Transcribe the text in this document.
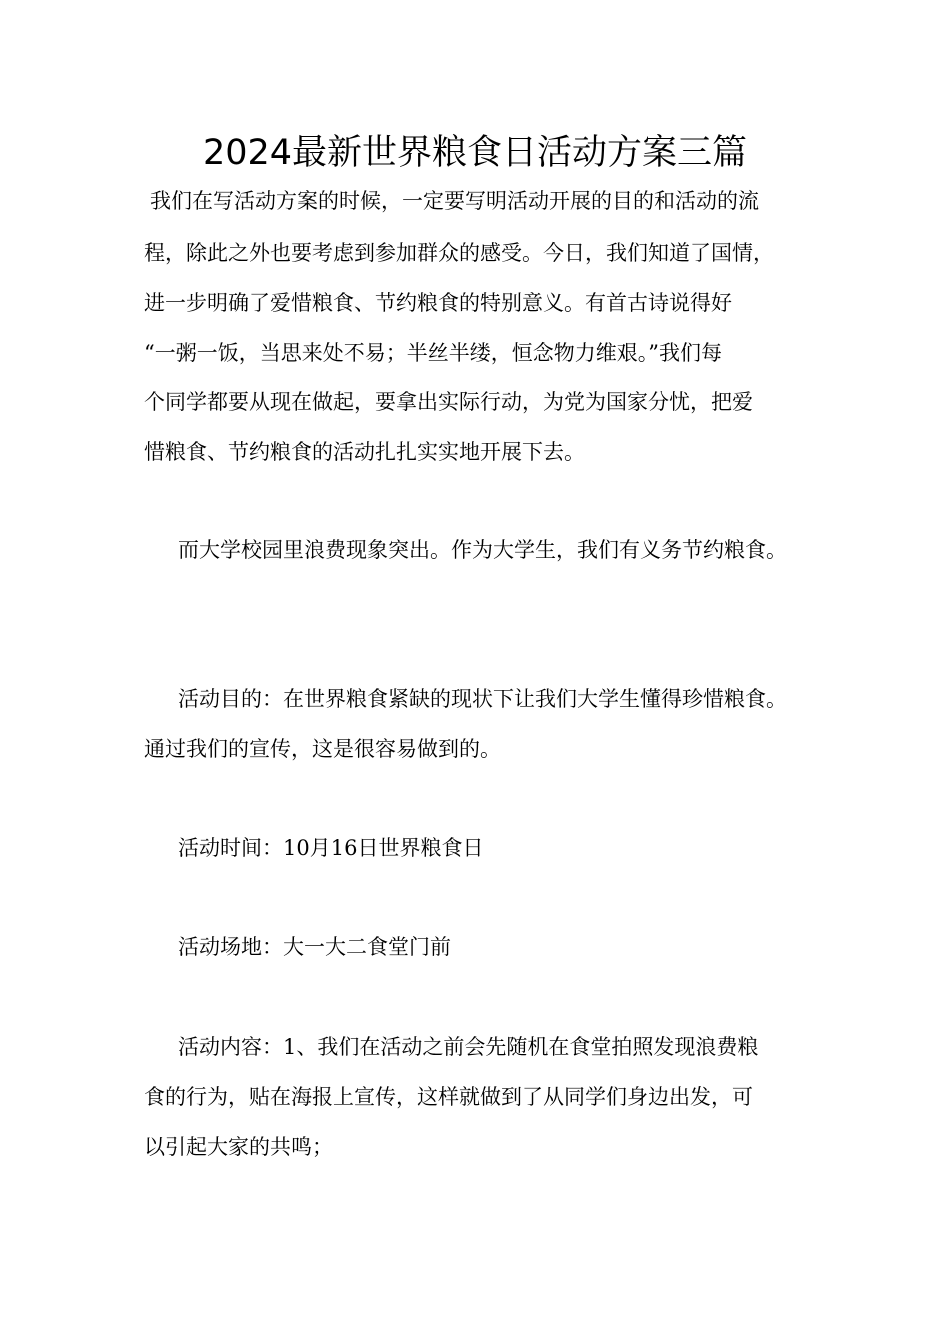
2024最新世界粮食日活动方案三篇
我们在写活动方案的时候，一定要写明活动开展的目的和活动的流
程，除此之外也要考虑到参加群众的感受。今日，我们知道了国情，
进一步明确了爱惜粮食、节约粮食的特别意义。有首古诗说得好
“一粥一饭，当思来处不易；半丝半缕，恒念物力维艰。”我们每
个同学都要从现在做起，要拿出实际行动，为党为国家分忧，把爱
惜粮食、节约粮食的活动扎扎实实地开展下去。
而大学校园里浪费现象突出。作为大学生，我们有义务节约粮食。
活动目的：在世界粮食紧缺的现状下让我们大学生懂得珍惜粮食。
通过我们的宣传，这是很容易做到的。
活动时间：10月16日世界粮食日
活动场地：大一大二食堂门前
活动内容：1、我们在活动之前会先随机在食堂拍照发现浪费粮
食的行为，贴在海报上宣传，这样就做到了从同学们身边出发，可
以引起大家的共鸣；
